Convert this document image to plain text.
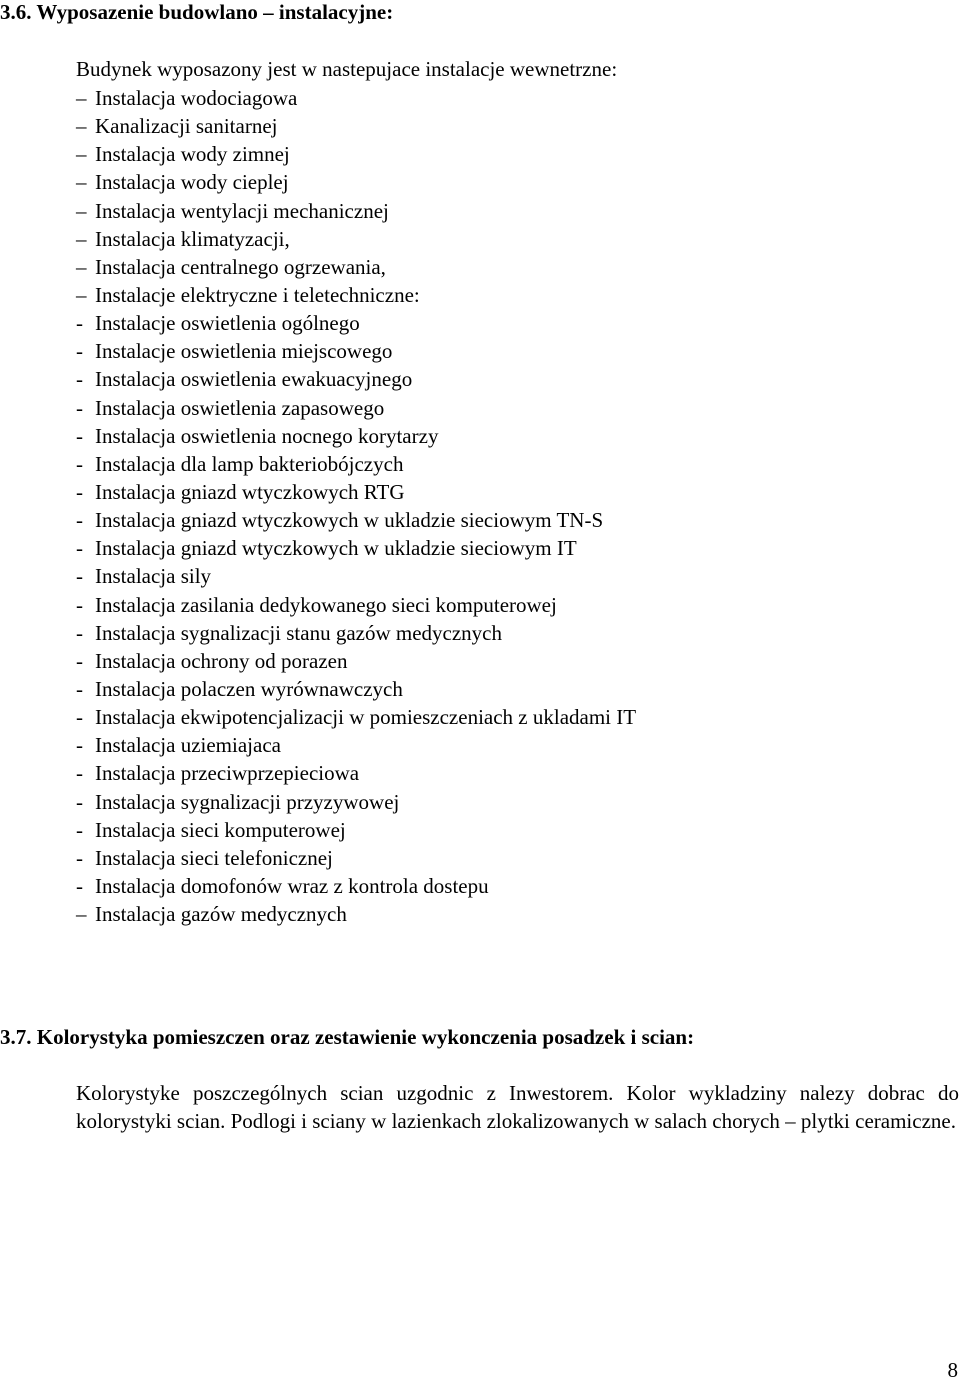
3.6. Wyposazenie budowlano – instalacyjne:
Budynek wyposazony jest w nastepujace instalacje wewnetrzne:
– Instalacja wodociagowa
– Kanalizacji sanitarnej
– Instalacja wody zimnej
– Instalacja wody cieplej
– Instalacja wentylacji mechanicznej
– Instalacja klimatyzacji,
– Instalacja centralnego ogrzewania,
– Instalacje elektryczne i teletechniczne:
- Instalacje oswietlenia ogólnego
- Instalacje oswietlenia miejscowego
- Instalacja oswietlenia ewakuacyjnego
- Instalacja oswietlenia zapasowego
- Instalacja oswietlenia nocnego korytarzy
- Instalacja dla lamp bakteriobójczych
- Instalacja gniazd wtyczkowych RTG
- Instalacja gniazd wtyczkowych w ukladzie sieciowym TN-S
- Instalacja gniazd wtyczkowych w ukladzie sieciowym IT
- Instalacja sily
- Instalacja zasilania dedykowanego sieci komputerowej
- Instalacja sygnalizacji stanu gazów medycznych
- Instalacja ochrony od porazen
- Instalacja polaczen wyrównawczych
- Instalacja ekwipotencjalizacji w pomieszczeniach z ukladami IT
- Instalacja uziemiajaca
- Instalacja przeciwprzepieciowa
- Instalacja sygnalizacji przyzywowej
- Instalacja sieci komputerowej
- Instalacja sieci telefonicznej
- Instalacja domofonów wraz z kontrola dostepu
– Instalacja gazów medycznych
3.7. Kolorystyka pomieszczen oraz zestawienie wykonczenia posadzek i scian:

Kolorystyke poszczególnych scian uzgodnic z Inwestorem. Kolor wykladziny nalezy dobrac do kolorystyki scian. Podlogi i sciany w lazienkach zlokalizowanych w salach chorych – plytki ceramiczne.

8
